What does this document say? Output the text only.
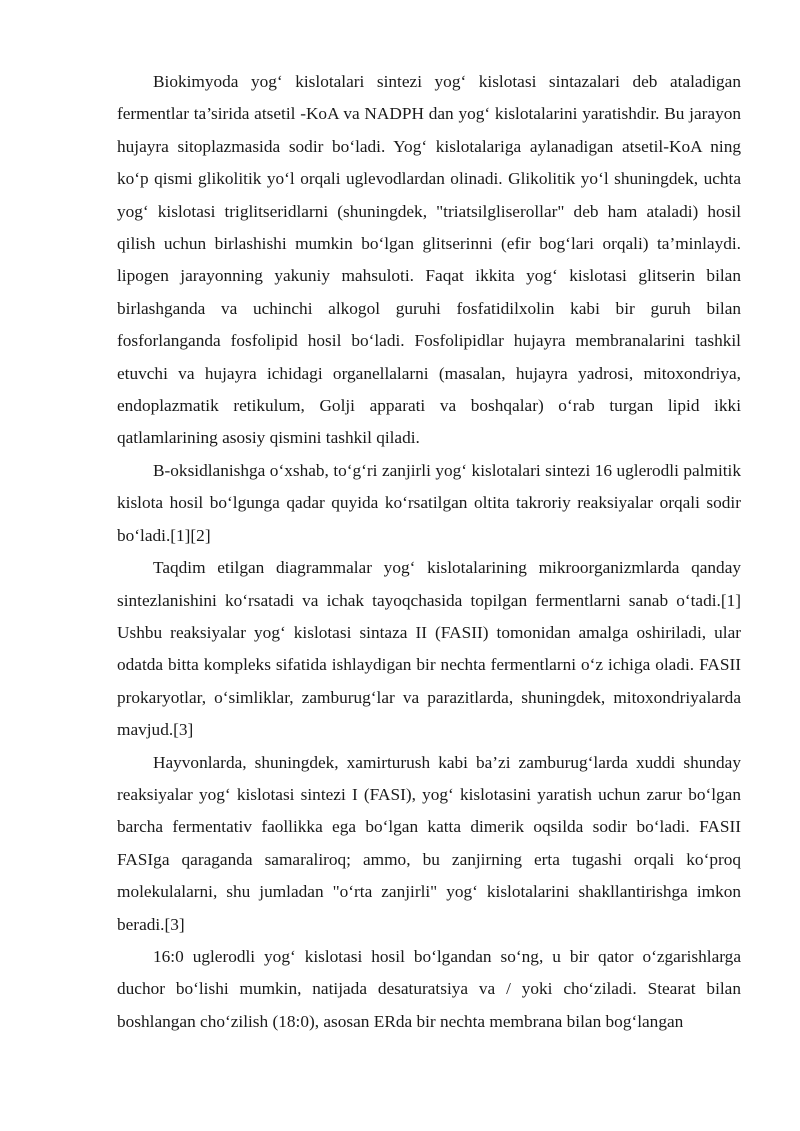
Biokimyoda yog‘ kislotalari sintezi yog‘ kislotasi sintazalari deb ataladigan fermentlar ta’sirida atsetil -KoA va NADPH dan yog‘ kislotalarini yaratishdir. Bu jarayon hujayra sitoplazmasida sodir bo‘ladi. Yog‘ kislotalariga aylanadigan atsetil-KoA ning ko‘p qismi glikolitik yo‘l orqali uglevodlardan olinadi. Glikolitik yo‘l shuningdek, uchta yog‘ kislotasi triglitseridlarni (shuningdek, "triatsilgliserollar" deb ham ataladi) hosil qilish uchun birlashishi mumkin bo‘lgan glitserinni (efir bog‘lari orqali) ta’minlaydi. lipogen jarayonning yakuniy mahsuloti. Faqat ikkita yog‘ kislotasi glitserin bilan birlashganda va uchinchi alkogol guruhi fosfatidilxolin kabi bir guruh bilan fosforlanganda fosfolipid hosil bo‘ladi. Fosfolipidlar hujayra membranalarini tashkil etuvchi va hujayra ichidagi organellalarni (masalan, hujayra yadrosi, mitoxondriya, endoplazmatik retikulum, Golji apparati va boshqalar) o‘rab turgan lipid ikki qatlamlarining asosiy qismini tashkil qiladi.

B-oksidlanishga o‘xshab, to‘g‘ri zanjirli yog‘ kislotalari sintezi 16 uglerodli palmitik kislota hosil bo‘lgunga qadar quyida ko‘rsatilgan oltita takroriy reaksiyalar orqali sodir bo‘ladi.[1][2]

Taqdim etilgan diagrammalar yog‘ kislotalarining mikroorganizmlarda qanday sintezlanishini ko‘rsatadi va ichak tayoqchasida topilgan fermentlarni sanab o‘tadi.[1] Ushbu reaksiyalar yog‘ kislotasi sintaza II (FASII) tomonidan amalga oshiriladi, ular odatda bitta kompleks sifatida ishlaydigan bir nechta fermentlarni o‘z ichiga oladi. FASII prokaryotlar, o‘simliklar, zamburug‘lar va parazitlarda, shuningdek, mitoxondriyalarda mavjud.[3]

Hayvonlarda, shuningdek, xamirturush kabi ba’zi zamburug‘larda xuddi shunday reaksiyalar yog‘ kislotasi sintezi I (FASI), yog‘ kislotasini yaratish uchun zarur bo‘lgan barcha fermentativ faollikka ega bo‘lgan katta dimerik oqsilda sodir bo‘ladi. FASII FASIga qaraganda samaraliroq; ammo, bu zanjirning erta tugashi orqali ko‘proq molekulalarni, shu jumladan "o‘rta zanjirli" yog‘ kislotalarini shakllantirishga imkon beradi.[3]

16:0 uglerodli yog‘ kislotasi hosil bo‘lgandan so‘ng, u bir qator o‘zgarishlarga duchor bo‘lishi mumkin, natijada desaturatsiya va / yoki cho‘ziladi. Stearat bilan boshlangan cho‘zilish (18:0), asosan ERda bir nechta membrana bilan bog‘langan
